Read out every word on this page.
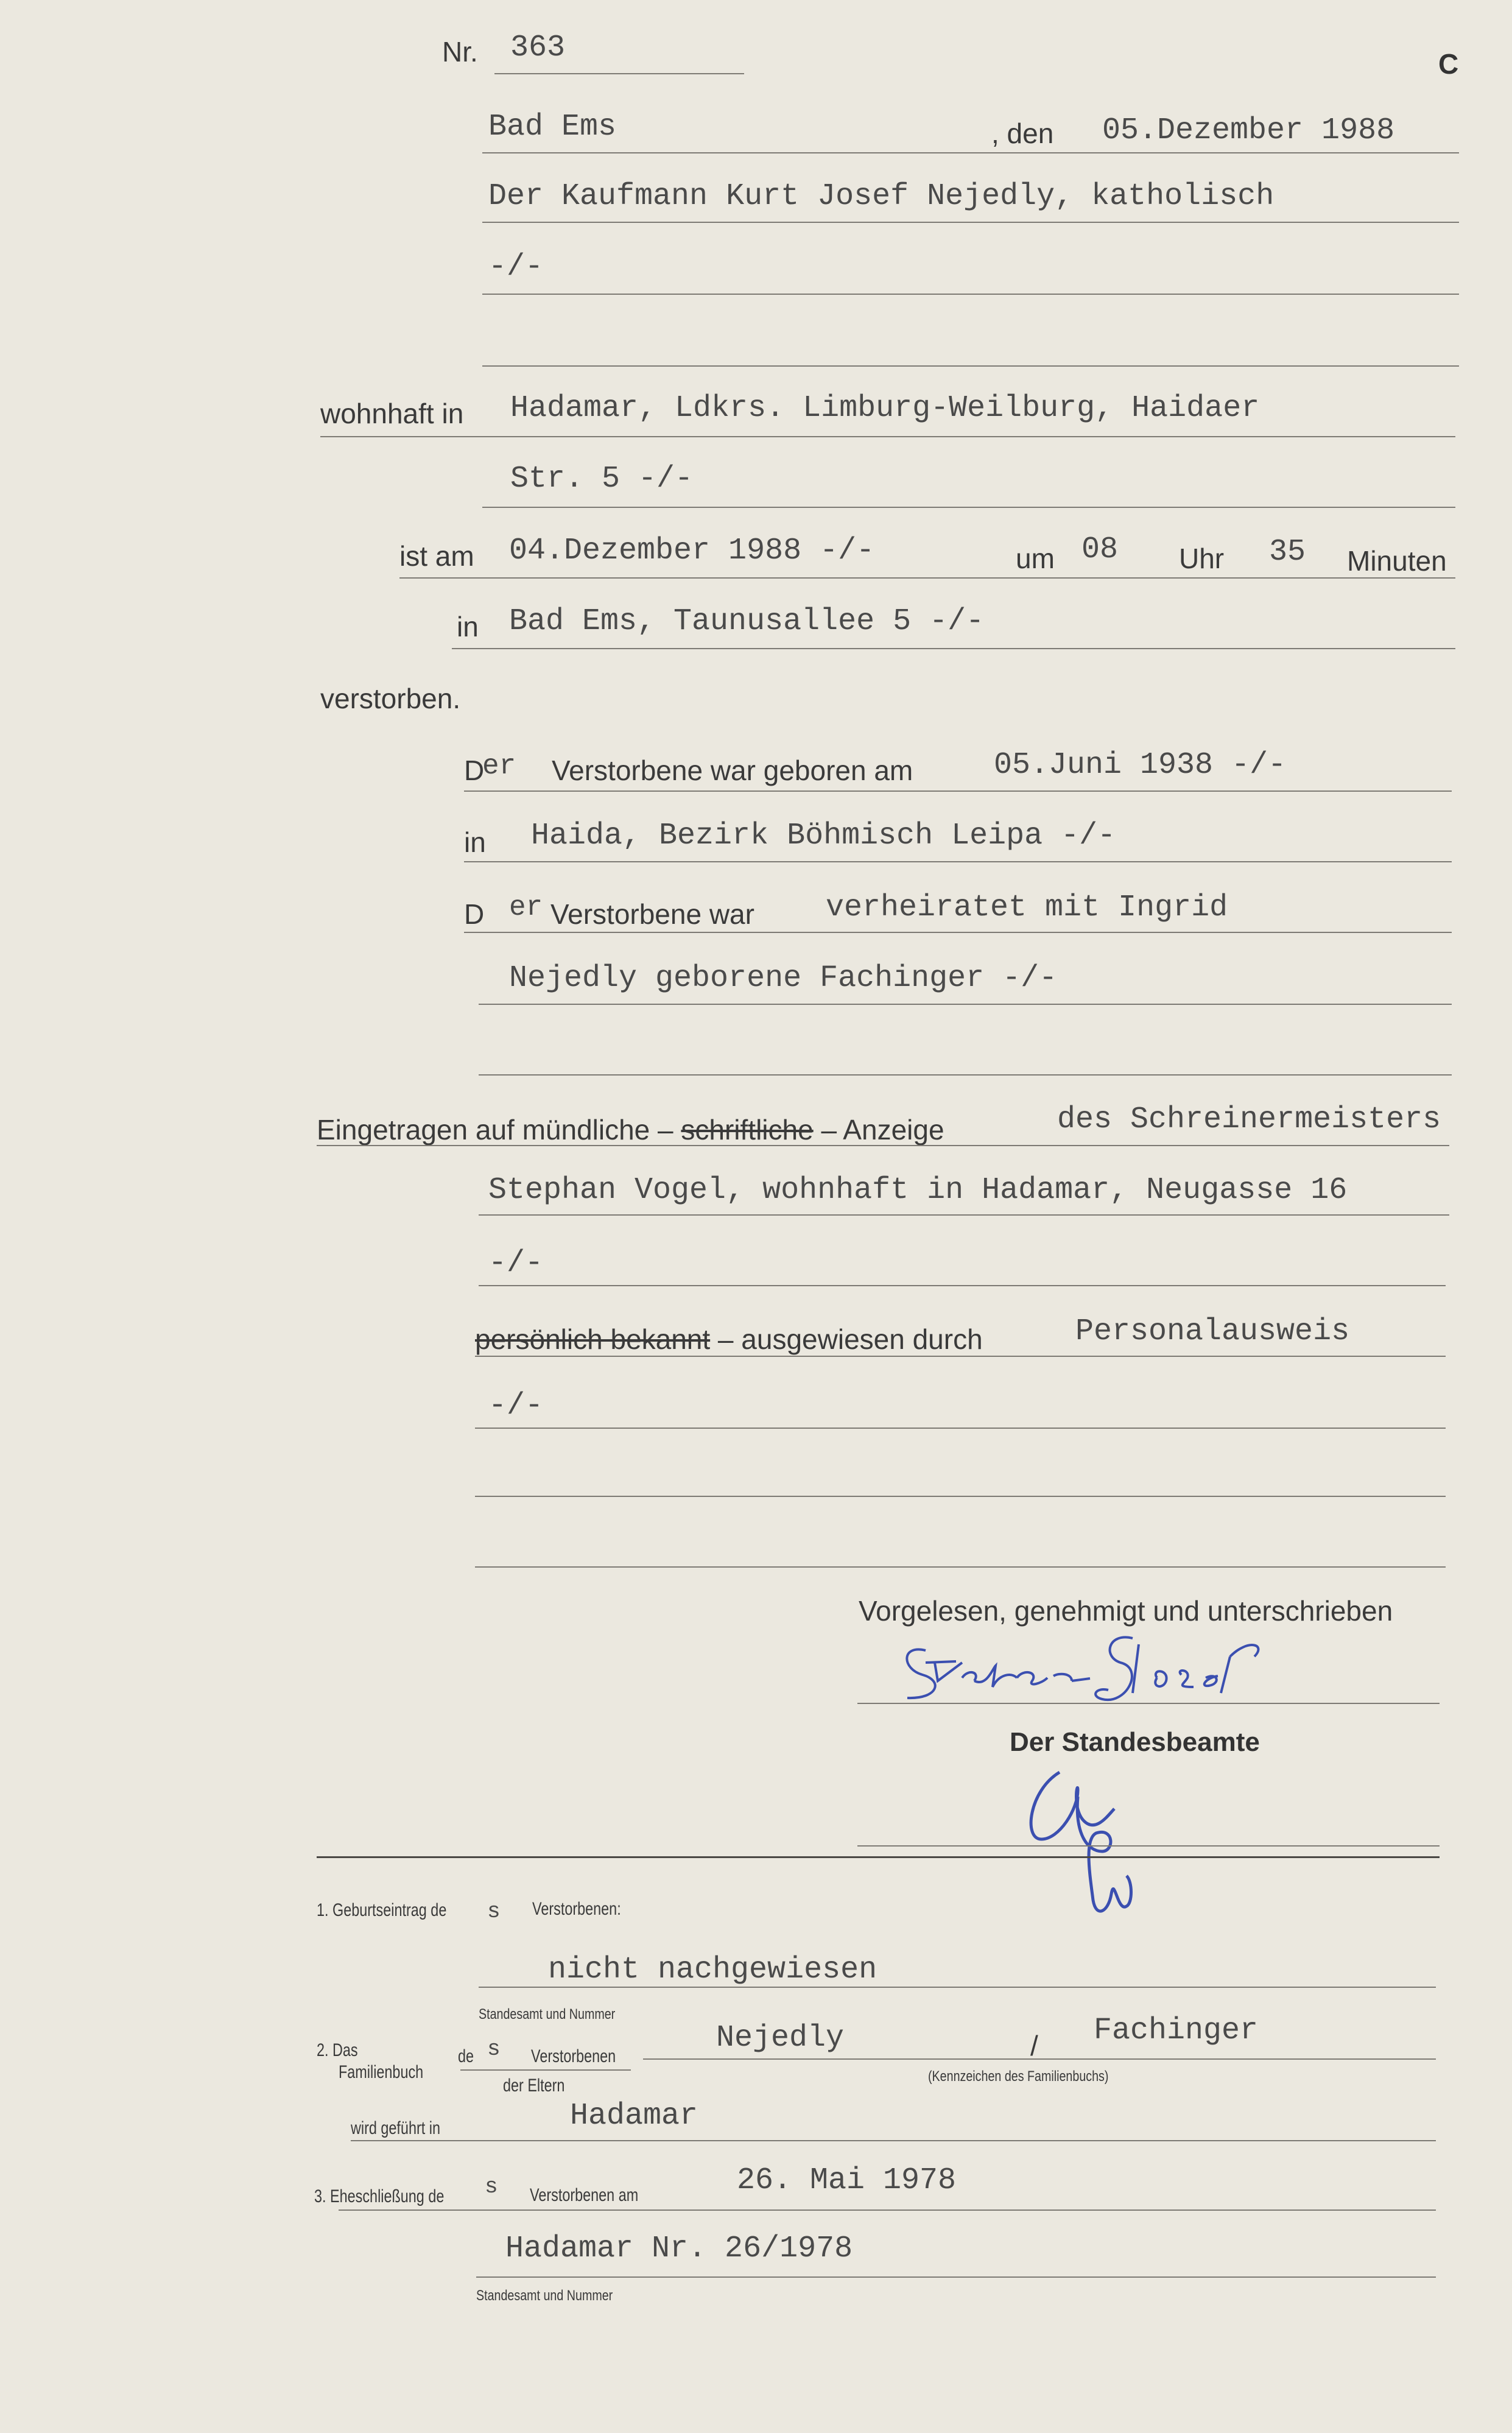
Nr. 363	C
Bad Ems	, den 05.Dezember 1988
Der Kaufmann Kurt Josef Nejedly, katholisch
-/-
wohnhaft in Hadamar, Ldkrs. Limburg-Weilburg, Haidaer
Str. 5 -/-
ist am 04.Dezember 1988 -/-	um 08 Uhr 35 Minuten
in Bad Ems, Taunusallee 5 -/-
verstorben.
D
er Verstorbene war geboren am	05.Juni 1938 -/-
in Haida, Bezirk Böhmisch Leipa -/-
D er Verstorbene war verheiratet mit Ingrid
Nejedly geborene Fachinger -/-
Eingetragen auf mündliche – schriftliche – Anzeige	des Schreinermeisters
Stephan Vogel, wohnhaft in Hadamar, Neugasse 16
-/-
persönlich bekannt – ausgewiesen durch	Personalausweis
-/-
Vorgelesen, genehmigt und unterschrieben
Der Standesbeamte
1. Geburtseintrag de s Verstorbenen:
nicht nachgewiesen
Standesamt und Nummer
2. Das
Familienbuch
de s Verstorbenen
der Eltern
Nejedly	/ Fachinger
(Kennzeichen des Familienbuchs)
wird geführt in	Hadamar
3. Eheschließung de s Verstorbenen am	26. Mai 1978
Hadamar Nr. 26/1978
Standesamt und Nummer
